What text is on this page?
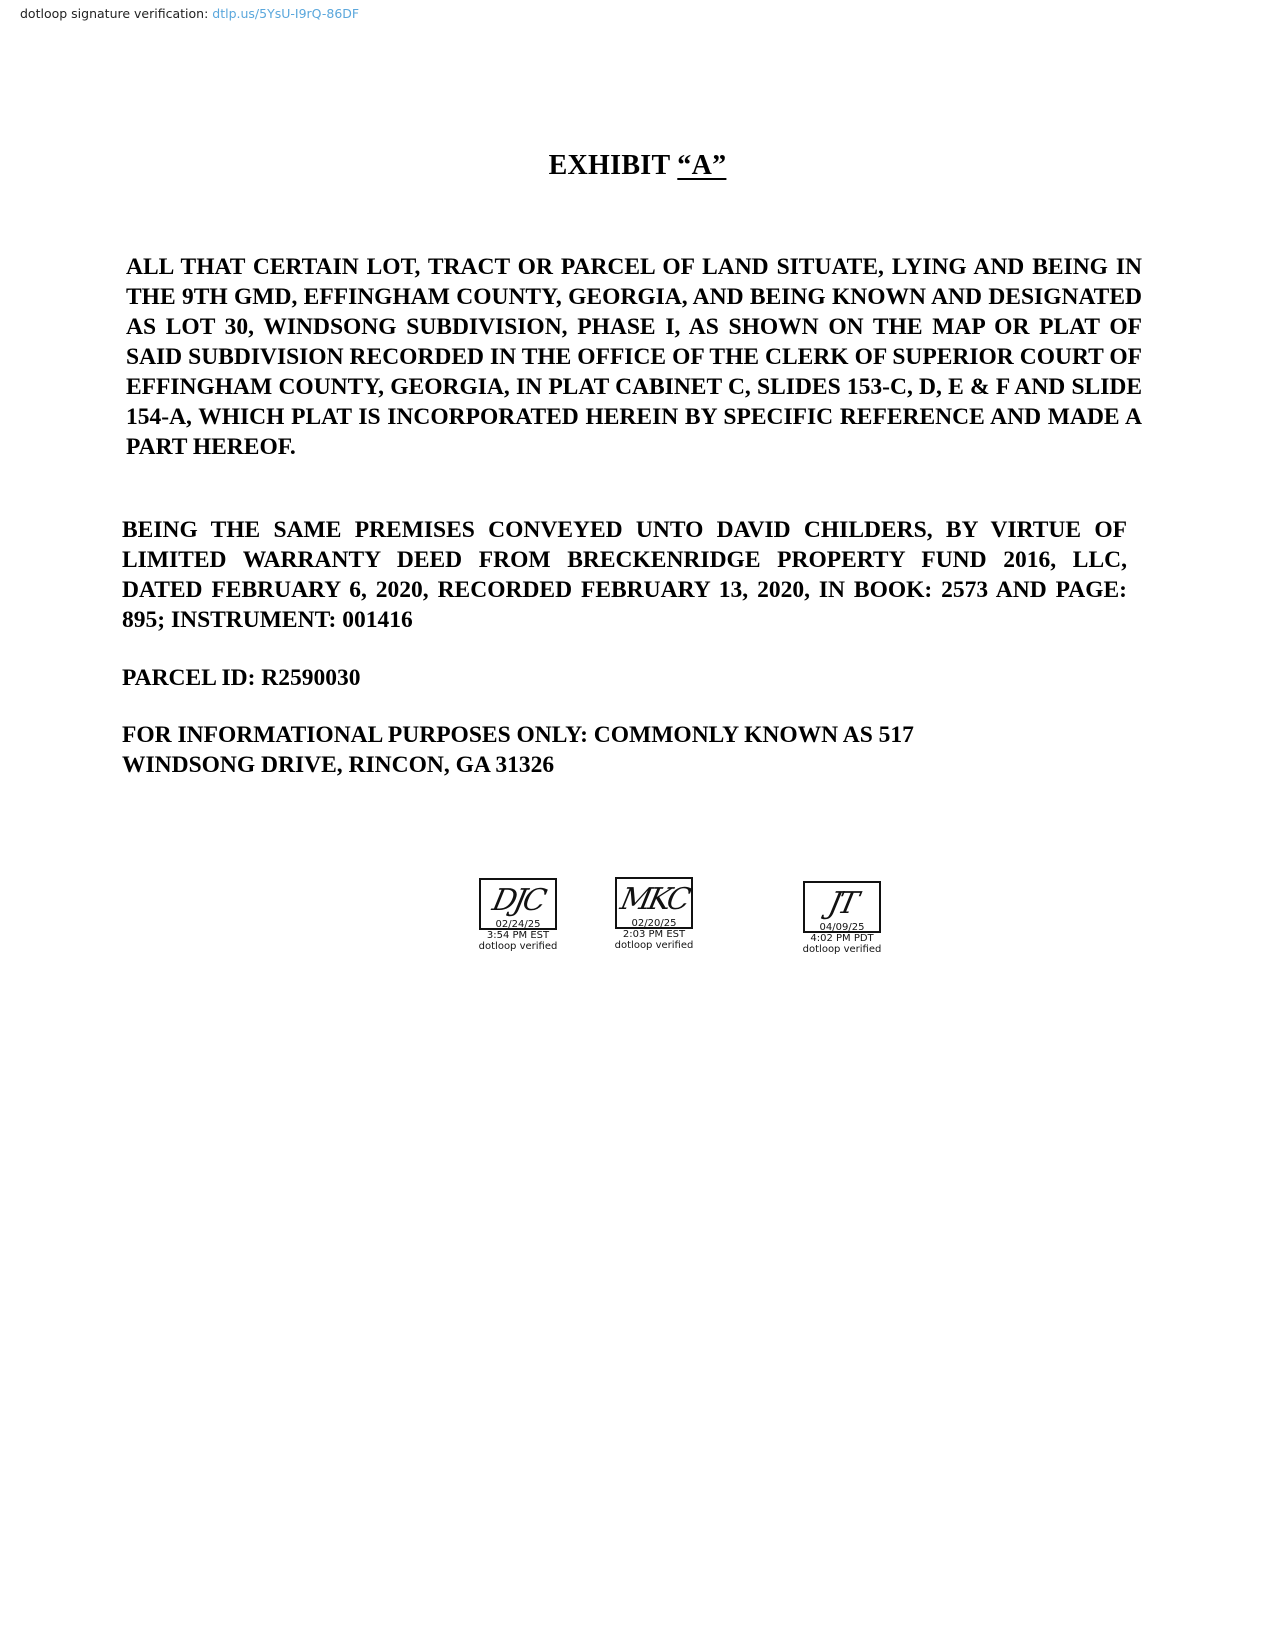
dotloop signature verification: dtlp.us/5YsU-I9rQ-86DF
EXHIBIT “A”

ALL THAT CERTAIN LOT, TRACT OR PARCEL OF LAND SITUATE, LYING AND BEING IN THE 9TH GMD, EFFINGHAM COUNTY, GEORGIA, AND BEING KNOWN AND DESIGNATED AS LOT 30, WINDSONG SUBDIVISION, PHASE I, AS SHOWN ON THE MAP OR PLAT OF SAID SUBDIVISION RECORDED IN THE OFFICE OF THE CLERK OF SUPERIOR COURT OF EFFINGHAM COUNTY, GEORGIA, IN PLAT CABINET C, SLIDES 153-C, D, E & F AND SLIDE 154-A, WHICH PLAT IS INCORPORATED HEREIN BY SPECIFIC REFERENCE AND MADE A PART HEREOF.

BEING THE SAME PREMISES CONVEYED UNTO DAVID CHILDERS, BY VIRTUE OF LIMITED WARRANTY DEED FROM BRECKENRIDGE PROPERTY FUND 2016, LLC, DATED FEBRUARY 6, 2020, RECORDED FEBRUARY 13, 2020, IN BOOK: 2573 AND PAGE: 895; INSTRUMENT: 001416

PARCEL ID: R2590030

FOR INFORMATIONAL PURPOSES ONLY: COMMONLY KNOWN AS 517 WINDSONG DRIVE, RINCON, GA 31326

DJC
02/24/25
3:54 PM EST
dotloop verified
MKC
02/20/25
2:03 PM EST
dotloop verified
JT
04/09/25
4:02 PM PDT
dotloop verified
